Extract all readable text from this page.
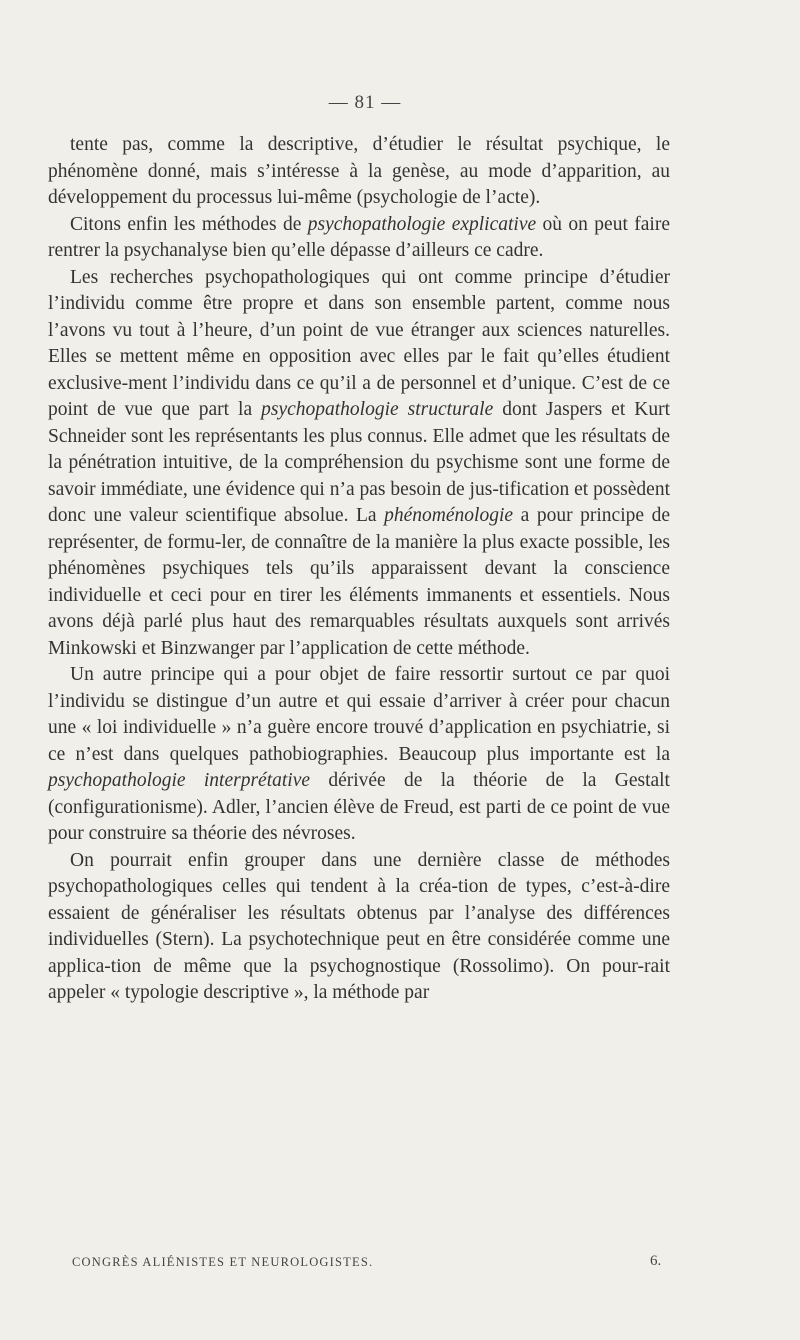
— 81 —

tente pas, comme la descriptive, d’étudier le résultat psychique, le phénomène donné, mais s’intéresse à la genèse, au mode d’apparition, au développement du processus lui-même (psychologie de l’acte).

Citons enfin les méthodes de psychopathologie explicative où on peut faire rentrer la psychanalyse bien qu’elle dépasse d’ailleurs ce cadre.

Les recherches psychopathologiques qui ont comme principe d’étudier l’individu comme être propre et dans son ensemble partent, comme nous l’avons vu tout à l’heure, d’un point de vue étranger aux sciences naturelles. Elles se mettent même en opposition avec elles par le fait qu’elles étudient exclusive-ment l’individu dans ce qu’il a de personnel et d’unique. C’est de ce point de vue que part la psychopathologie structurale dont Jaspers et Kurt Schneider sont les représentants les plus connus. Elle admet que les résultats de la pénétration intuitive, de la compréhension du psychisme sont une forme de savoir immédiate, une évidence qui n’a pas besoin de jus-tification et possèdent donc une valeur scientifique absolue. La phénoménologie a pour principe de représenter, de formu-ler, de connaître de la manière la plus exacte possible, les phénomènes psychiques tels qu’ils apparaissent devant la conscience individuelle et ceci pour en tirer les éléments immanents et essentiels. Nous avons déjà parlé plus haut des remarquables résultats auxquels sont arrivés Minkowski et Binzwanger par l’application de cette méthode.

Un autre principe qui a pour objet de faire ressortir surtout ce par quoi l’individu se distingue d’un autre et qui essaie d’arriver à créer pour chacun une « loi individuelle » n’a guère encore trouvé d’application en psychiatrie, si ce n’est dans quelques pathobiographies. Beaucoup plus importante est la psychopathologie interprétative dérivée de la théorie de la Gestalt (configurationisme). Adler, l’ancien élève de Freud, est parti de ce point de vue pour construire sa théorie des névroses.

On pourrait enfin grouper dans une dernière classe de méthodes psychopathologiques celles qui tendent à la créa-tion de types, c’est-à-dire essaient de généraliser les résultats obtenus par l’analyse des différences individuelles (Stern). La psychotechnique peut en être considérée comme une applica-tion de même que la psychognostique (Rossolimo). On pour-rait appeler « typologie descriptive », la méthode par

CONGRÈS ALIÉNISTES ET NEUROLOGISTES.	6.
